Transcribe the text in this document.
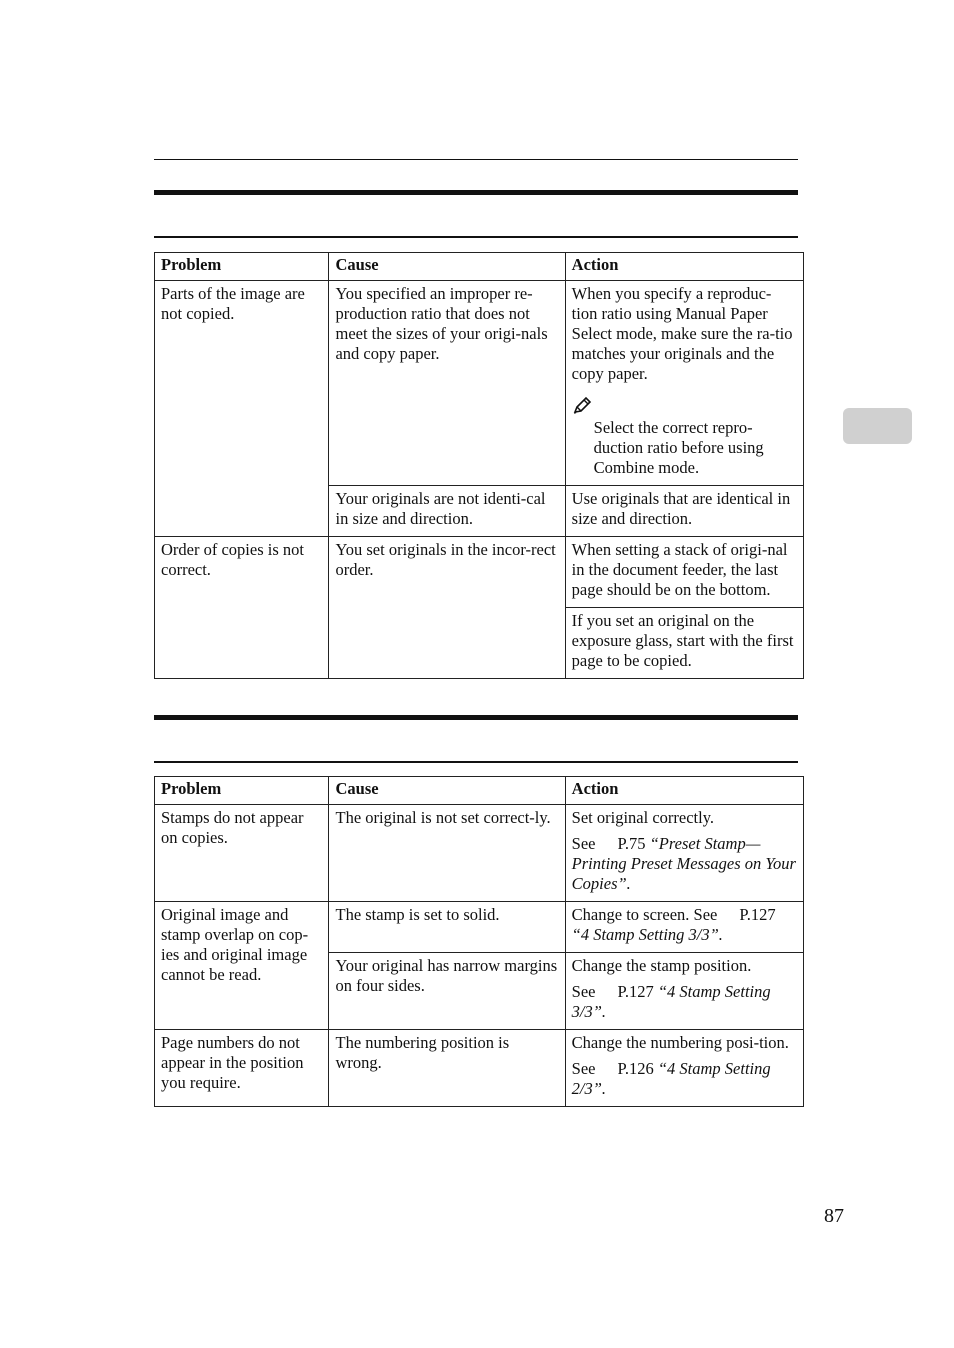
Problem	Cause	Action
Parts of the image are not copied.	You specified an improper re-production ratio that does not meet the sizes of your origi-nals and copy paper.	When you specify a reproduc-tion ratio using Manual Paper Select mode, make sure the ra-tio matches your originals and the copy paper.
Select the correct repro-duction ratio before using Combine mode.

	Your originals are not identi-cal in size and direction.	Use originals that are identical in size and direction.
Order of copies is not correct.	You set originals in the incor-rect order.	When setting a stack of origi-nal in the document feeder, the last page should be on the bottom.
		If you set an original on the exposure glass, start with the first page to be copied.
Problem	Cause	Action
Stamps do not appear on copies.	The original is not set correct-ly.	Set original correctly.
See P.75 “Preset Stamp—Printing Preset Messages on Your Copies”.

Original image and stamp overlap on cop-ies and original image cannot be read.	The stamp is set to solid.	Change to screen. See P.127 “4 Stamp Setting 3/3”.
	Your original has narrow margins on four sides.	Change the stamp position.
See P.127 “4 Stamp Setting 3/3”.

Page numbers do not appear in the position you require.	The numbering position is wrong.	Change the numbering posi-tion.
See P.126 “4 Stamp Setting 2/3”.
87
